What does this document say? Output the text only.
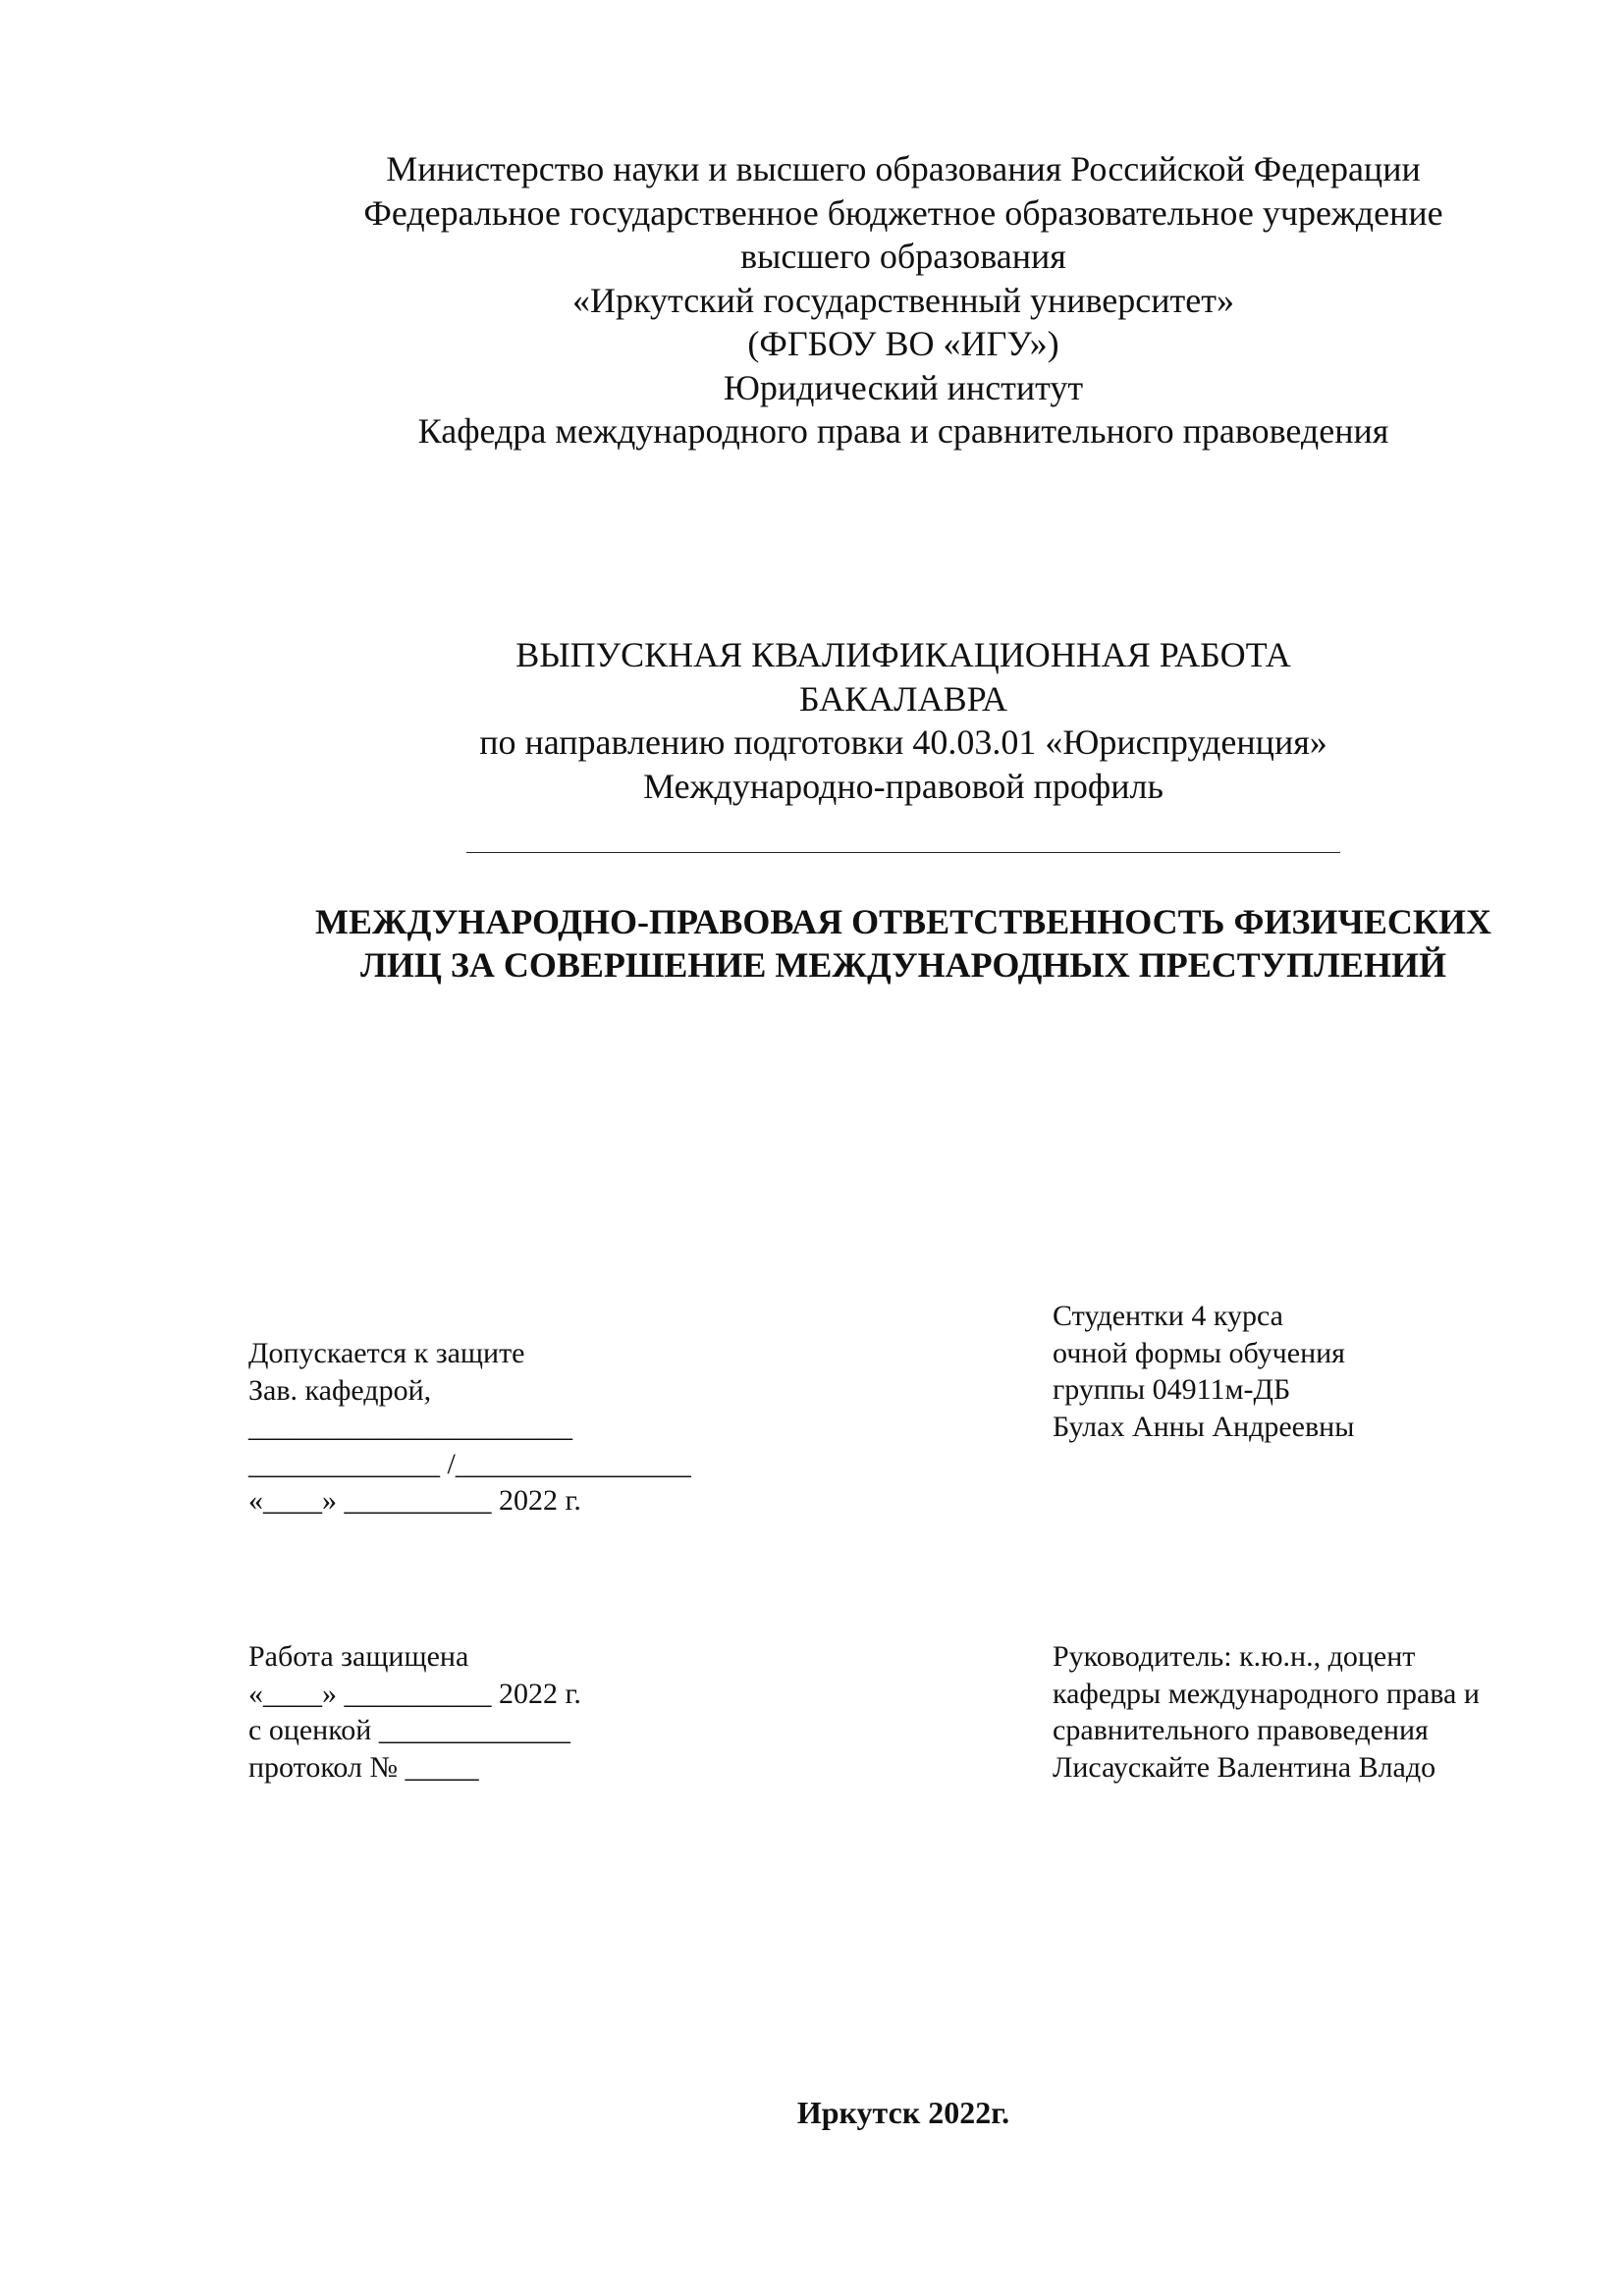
Министерство науки и высшего образования Российской Федерации
Федеральное государственное бюджетное образовательное учреждение
высшего образования
«Иркутский государственный университет»
(ФГБОУ ВО «ИГУ»)
Юридический институт
Кафедра международного права и сравнительного правоведения
ВЫПУСКНАЯ КВАЛИФИКАЦИОННАЯ РАБОТА
БАКАЛАВРА
по направлению подготовки 40.03.01 «Юриспруденция»
Международно-правовой профиль
МЕЖДУНАРОДНО-ПРАВОВАЯ ОТВЕТСТВЕННОСТЬ ФИЗИЧЕСКИХ
ЛИЦ ЗА СОВЕРШЕНИЕ МЕЖДУНАРОДНЫХ ПРЕСТУПЛЕНИЙ
Допускается к защите
Зав. кафедрой,
______________________
_____________ /________________
«____» __________ 2022 г.
Студентки 4 курса
очной формы обучения
группы 04911м-ДБ
Булах Анны Андреевны
Работа защищена
«____» __________ 2022 г.
с оценкой _____________
протокол № _____
Руководитель: к.ю.н., доцент
кафедры международного права и
сравнительного правоведения
Лисаускайте Валентина Владо
Иркутск 2022г.
